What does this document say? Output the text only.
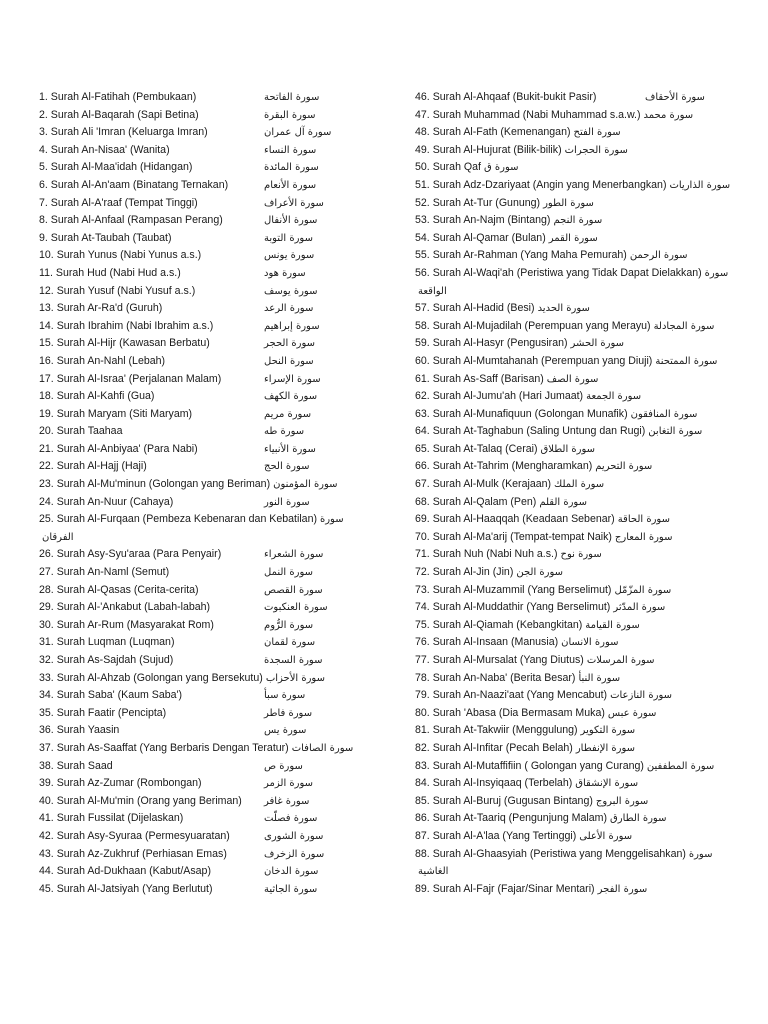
1. Surah Al-Fatihah (Pembukaan)	سورة الفاتحة
2. Surah Al-Baqarah (Sapi Betina)	سورة البقرة
3. Surah Ali 'Imran (Keluarga Imran)	سورة آل عمران
4. Surah An-Nisaa' (Wanita)	سورة النساء
5. Surah Al-Maa'idah (Hidangan)	سورة المائدة
6. Surah Al-An'aam (Binatang Ternakan)	سورة الأنعام
7. Surah Al-A'raaf (Tempat Tinggi)	سورة الأعراف
8. Surah Al-Anfaal (Rampasan Perang)	سورة الأنفال
9. Surah At-Taubah (Taubat)	سورة التوبة
10. Surah Yunus (Nabi Yunus a.s.)	سورة يونس
11. Surah Hud (Nabi Hud a.s.)	سورة هود
12. Surah Yusuf (Nabi Yusuf a.s.)	سورة يوسف
13. Surah Ar-Ra'd (Guruh)	سورة الرعد
14. Surah Ibrahim (Nabi Ibrahim a.s.)	سورة إبراهيم
15. Surah Al-Hijr (Kawasan Berbatu)	سورة الحجر
16. Surah An-Nahl (Lebah)	سورة النحل
17. Surah Al-Israa' (Perjalanan Malam)	سورة الإسراء
18. Surah Al-Kahfi (Gua)	سورة الكهف
19. Surah Maryam (Siti Maryam)	سورة مريم
20. Surah Taahaa	سورة طه
21. Surah Al-Anbiyaa' (Para Nabi)	سورة الأنبياء
22. Surah Al-Hajj (Haji)	سورة الحج
23. Surah Al-Mu'minun (Golongan yang Beriman) سورة المؤمنون
24. Surah An-Nuur (Cahaya)	سورة النور
25. Surah Al-Furqaan (Pembeza Kebenaran dan Kebatilan) سورة الفرقان
26. Surah Asy-Syu'araa (Para Penyair)	سورة الشعراء
27. Surah An-Naml (Semut)	سورة النمل
28. Surah Al-Qasas (Cerita-cerita)	سورة القصص
29. Surah Al-'Ankabut (Labah-labah)	سورة العنكبوت
30. Surah Ar-Rum (Masyarakat Rom)	سورة الرُّوم
31. Surah Luqman (Luqman)	سورة لقمان
32. Surah As-Sajdah (Sujud)	سورة السجدة
33. Surah Al-Ahzab (Golongan yang Bersekutu) سورة الأحزاب
34. Surah Saba' (Kaum Saba')	سورة سبأ
35. Surah Faatir (Pencipta)	سورة فاطر
36. Surah Yaasin	سورة يس
37. Surah As-Saaffat (Yang Berbaris Dengan Teratur) سورة الصافات
38. Surah Saad	سورة ص
39. Surah Az-Zumar (Rombongan)	سورة الزمر
40. Surah Al-Mu'min (Orang yang Beriman) سورة غافر
41. Surah Fussilat (Dijelaskan)	سورة فصلّت
42. Surah Asy-Syuraa (Permesyuaratan)	سورة الشورى
43. Surah Az-Zukhruf (Perhiasan Emas)	سورة الزخرف
44. Surah Ad-Dukhaan (Kabut/Asap)	سورة الدخان
45. Surah Al-Jatsiyah (Yang Berlutut)	سورة الجاثية
46. Surah Al-Ahqaaf (Bukit-bukit Pasir)	سورة الأحقاف
47. Surah Muhammad (Nabi Muhammad s.a.w.) سورة محمد
48. Surah Al-Fath (Kemenangan) سورة الفتح
49. Surah Al-Hujurat (Bilik-bilik) سورة الحجرات
50. Surah Qaf سورة ق
51. Surah Adz-Dzariyaat (Angin yang Menerbangkan) سورة الذاريات
52. Surah At-Tur (Gunung) سورة الطور
53. Surah An-Najm (Bintang) سورة النجم
54. Surah Al-Qamar (Bulan) سورة القمر
55. Surah Ar-Rahman (Yang Maha Pemurah) سورة الرحمن
56. Surah Al-Waqi'ah (Peristiwa yang Tidak Dapat Dielakkan) سورة الواقعة
57. Surah Al-Hadid (Besi) سورة الحديد
58. Surah Al-Mujadilah (Perempuan yang Merayu) سورة المجادلة
59. Surah Al-Hasyr (Pengusiran) سورة الحشر
60. Surah Al-Mumtahanah (Perempuan yang Diuji) سورة الممتحنة
61. Surah As-Saff (Barisan) سورة الصف
62. Surah Al-Jumu'ah (Hari Jumaat) سورة الجمعة
63. Surah Al-Munafiquun (Golongan Munafik) سورة المنافقون
64. Surah At-Taghabun (Saling Untung dan Rugi) سورة التغابن
65. Surah At-Talaq (Cerai) سورة الطلاق
66. Surah At-Tahrim (Mengharamkan) سورة التحريم
67. Surah Al-Mulk (Kerajaan) سورة الملك
68. Surah Al-Qalam (Pen) سورة القلم
69. Surah Al-Haaqqah (Keadaan Sebenar) سورة الحاقة
70. Surah Al-Ma'arij (Tempat-tempat Naik) سورة المعارج
71. Surah Nuh (Nabi Nuh a.s.) سورة نوح
72. Surah Al-Jin (Jin) سورة الجن
73. Surah Al-Muzammil (Yang Berselimut) سورة المزّمّل
74. Surah Al-Muddathir (Yang Berselimut) سورة المدّثر
75. Surah Al-Qiamah (Kebangkitan) سورة القيامة
76. Surah Al-Insaan (Manusia) سورة الانسان
77. Surah Al-Mursalat (Yang Diutus) سورة المرسلات
78. Surah An-Naba' (Berita Besar) سورة النبأ
79. Surah An-Naazi'aat (Yang Mencabut) سورة النازعات
80. Surah 'Abasa (Dia Bermasam Muka) سورة عبس
81. Surah At-Takwiir (Menggulung) سورة التكوير
82. Surah Al-Infitar (Pecah Belah) سورة الإنفطار
83. Surah Al-Mutaffifiin ( Golongan yang Curang) سورة المطففين
84. Surah Al-Insyiqaaq (Terbelah) سورة الإنشقاق
85. Surah Al-Buruj (Gugusan Bintang) سورة البروج
86. Surah At-Taariq (Pengunjung Malam) سورة الطارق
87. Surah Al-A'laa (Yang Tertinggi) سورة الأعلى
88. Surah Al-Ghaasyiah (Peristiwa yang Menggelisahkan) سورة الغاشية
89. Surah Al-Fajr (Fajar/Sinar Mentari) سورة الفجر
